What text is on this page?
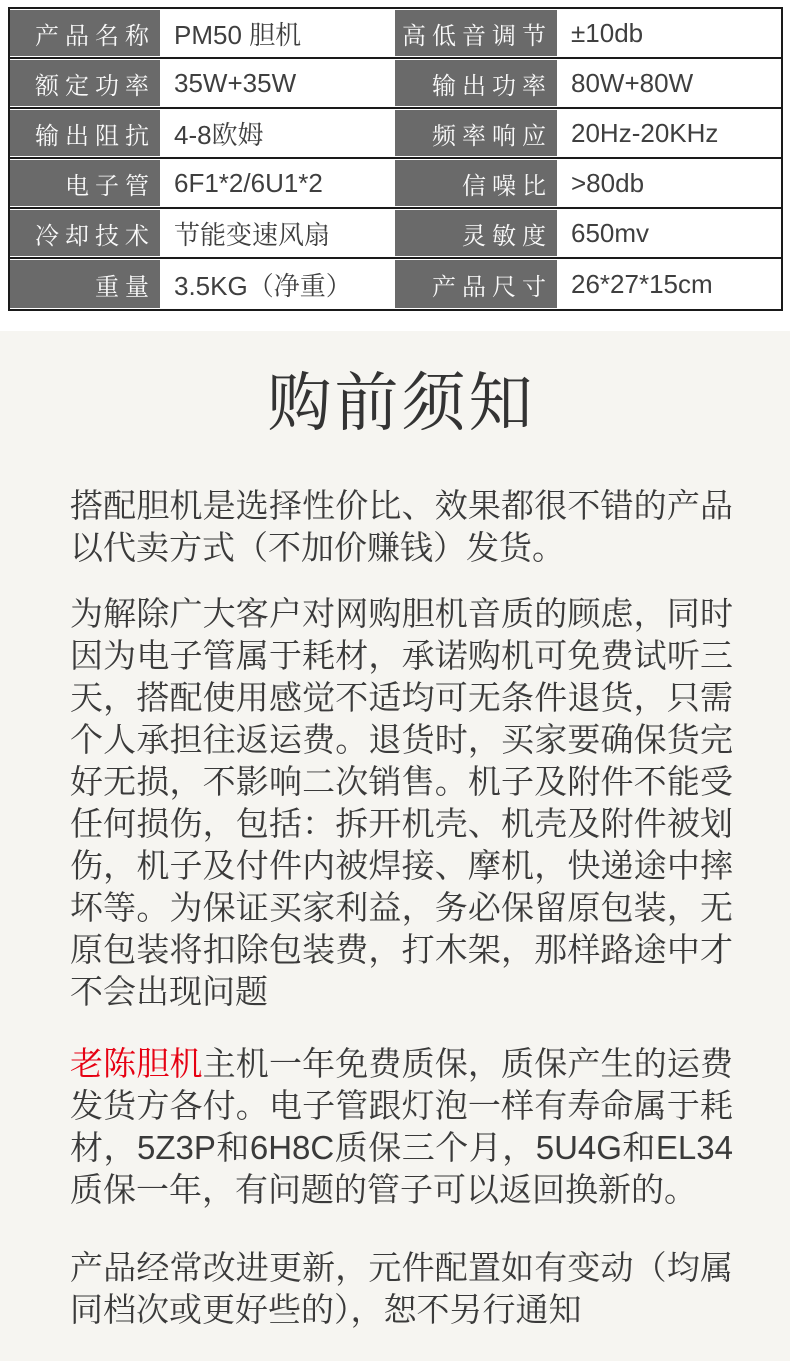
产品名称 PM50 胆机	高低音调节 ±10db
额定功率 35W+35W	输出功率 80W+80W
输出阻抗 4-8欧姆	频率响应 20Hz-20KHz
电子管 6F1*2/6U1*2	信噪比 >80db
冷却技术 节能变速风扇	灵敏度 650mv
重量 3.5KG（净重）	产品尺寸 26*27*15cm
购前须知

搭配胆机是选择性价比、效果都很不错的产品以代卖方式（不加价赚钱）发货。

为解除广大客户对网购胆机音质的顾虑，同时因为电子管属于耗材，承诺购机可免费试听三天，搭配使用感觉不适均可无条件退货，只需个人承担往返运费。退货时，买家要确保货完好无损，不影响二次销售。机子及附件不能受任何损伤，包括：拆开机壳、机壳及附件被划伤，机子及付件内被焊接、摩机，快递途中摔坏等。为保证买家利益，务必保留原包装，无原包装将扣除包装费，打木架，那样路途中才不会出现问题

老陈胆机主机一年免费质保，质保产生的运费发货方各付。电子管跟灯泡一样有寿命属于耗材，5Z3P和6H8C质保三个月，5U4G和EL34质保一年，有问题的管子可以返回换新的。

产品经常改进更新，元件配置如有变动（均属同档次或更好些的），恕不另行通知
